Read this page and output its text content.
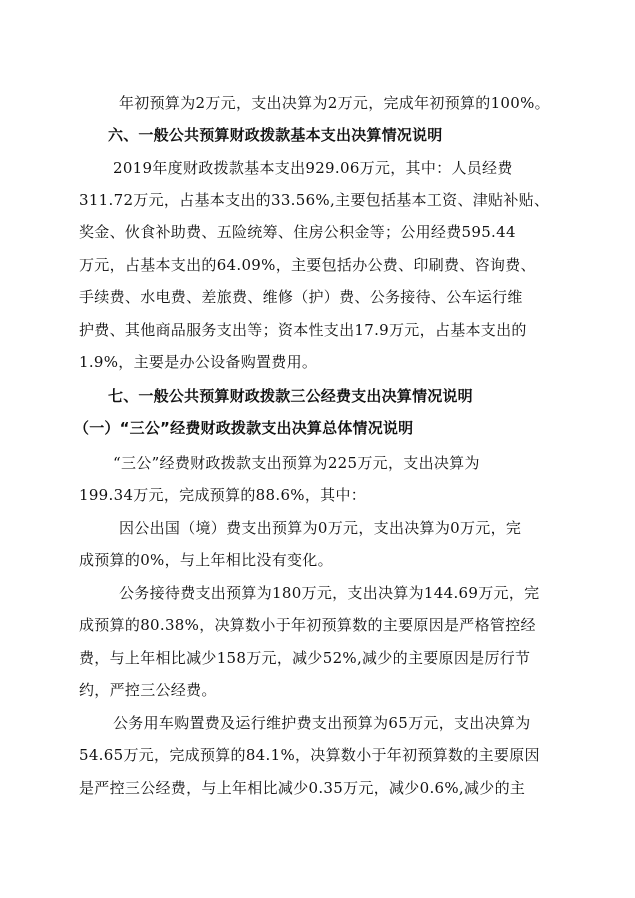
年初预算为2万元，支出决算为2万元，完成年初预算的100%。
六、一般公共预算财政拨款基本支出决算情况说明
2019年度财政拨款基本支出929.06万元，其中：人员经费
311.72万元，占基本支出的33.56%,主要包括基本工资、津贴补贴、
奖金、伙食补助费、五险统筹、住房公积金等；公用经费595.44
万元，占基本支出的64.09%，主要包括办公费、印刷费、咨询费、
手续费、水电费、差旅费、维修（护）费、公务接待、公车运行维
护费、其他商品服务支出等；资本性支出17.9万元，占基本支出的
1.9%，主要是办公设备购置费用。
七、一般公共预算财政拨款三公经费支出决算情况说明
（一）“三公”经费财政拨款支出决算总体情况说明
“三公”经费财政拨款支出预算为225万元，支出决算为
199.34万元，完成预算的88.6%，其中：
因公出国（境）费支出预算为0万元，支出决算为0万元，完
成预算的0%，与上年相比没有变化。
公务接待费支出预算为180万元，支出决算为144.69万元，完
成预算的80.38%，决算数小于年初预算数的主要原因是严格管控经
费，与上年相比减少158万元，减少52%,减少的主要原因是厉行节
约，严控三公经费。
公务用车购置费及运行维护费支出预算为65万元，支出决算为
54.65万元，完成预算的84.1%，决算数小于年初预算数的主要原因
是严控三公经费，与上年相比减少0.35万元，减少0.6%,减少的主
